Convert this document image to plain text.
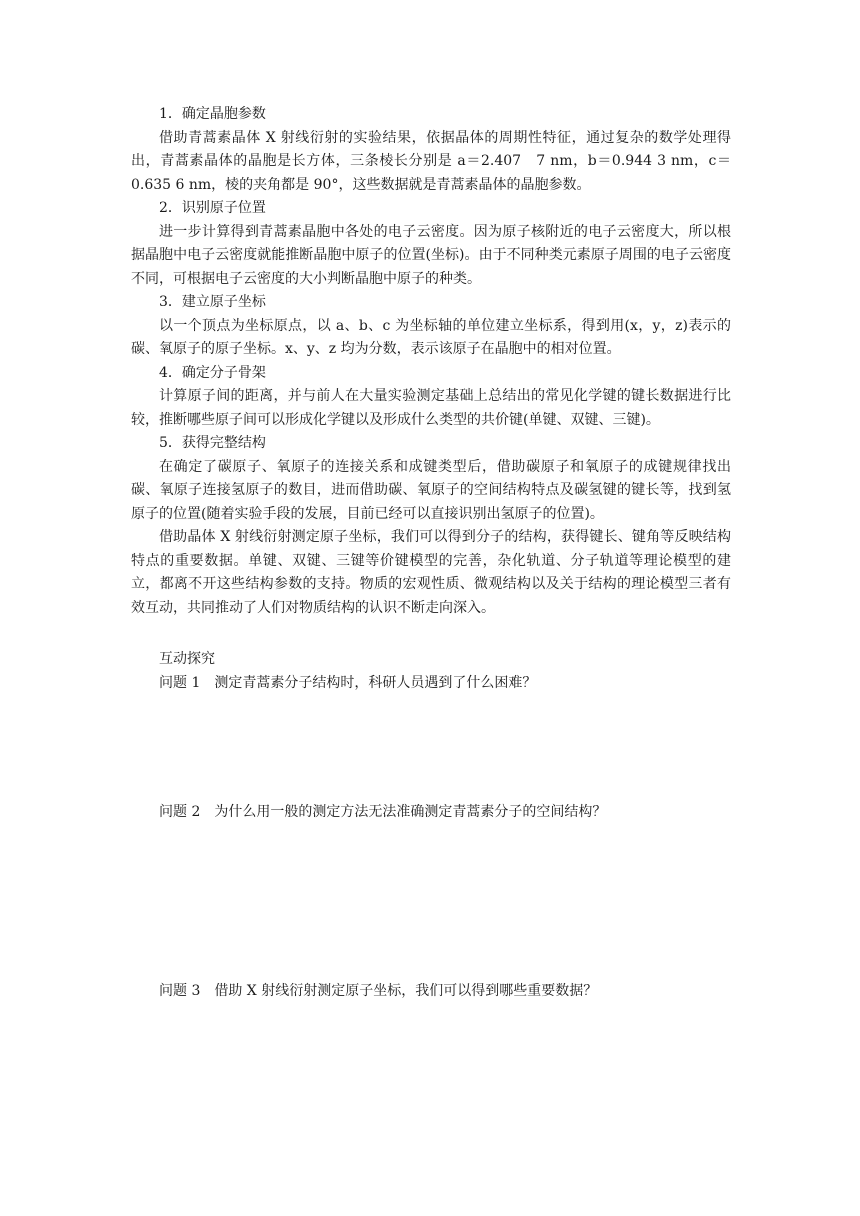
1．确定晶胞参数

借助青蒿素晶体 X 射线衍射的实验结果，依据晶体的周期性特征，通过复杂的数学处理得出，青蒿素晶体的晶胞是长方体，三条棱长分别是 a＝2.407　7 nm，b＝0.944 3 nm，c＝0.635 6 nm，棱的夹角都是 90°，这些数据就是青蒿素晶体的晶胞参数。

2．识别原子位置

进一步计算得到青蒿素晶胞中各处的电子云密度。因为原子核附近的电子云密度大，所以根据晶胞中电子云密度就能推断晶胞中原子的位置(坐标)。由于不同种类元素原子周围的电子云密度不同，可根据电子云密度的大小判断晶胞中原子的种类。

3．建立原子坐标

以一个顶点为坐标原点，以 a、b、c 为坐标轴的单位建立坐标系，得到用(x，y，z)表示的碳、氧原子的原子坐标。x、y、z 均为分数，表示该原子在晶胞中的相对位置。

4．确定分子骨架

计算原子间的距离，并与前人在大量实验测定基础上总结出的常见化学键的键长数据进行比较，推断哪些原子间可以形成化学键以及形成什么类型的共价键(单键、双键、三键)。

5．获得完整结构

在确定了碳原子、氧原子的连接关系和成键类型后，借助碳原子和氧原子的成键规律找出碳、氧原子连接氢原子的数目，进而借助碳、氧原子的空间结构特点及碳氢键的键长等，找到氢原子的位置(随着实验手段的发展，目前已经可以直接识别出氢原子的位置)。

借助晶体 X 射线衍射测定原子坐标，我们可以得到分子的结构，获得键长、键角等反映结构特点的重要数据。单键、双键、三键等价键模型的完善，杂化轨道、分子轨道等理论模型的建立，都离不开这些结构参数的支持。物质的宏观性质、微观结构以及关于结构的理论模型三者有效互动，共同推动了人们对物质结构的认识不断走向深入。

互动探究

问题 1　测定青蒿素分子结构时，科研人员遇到了什么困难？

问题 2　为什么用一般的测定方法无法准确测定青蒿素分子的空间结构？

问题 3　借助 X 射线衍射测定原子坐标，我们可以得到哪些重要数据？
